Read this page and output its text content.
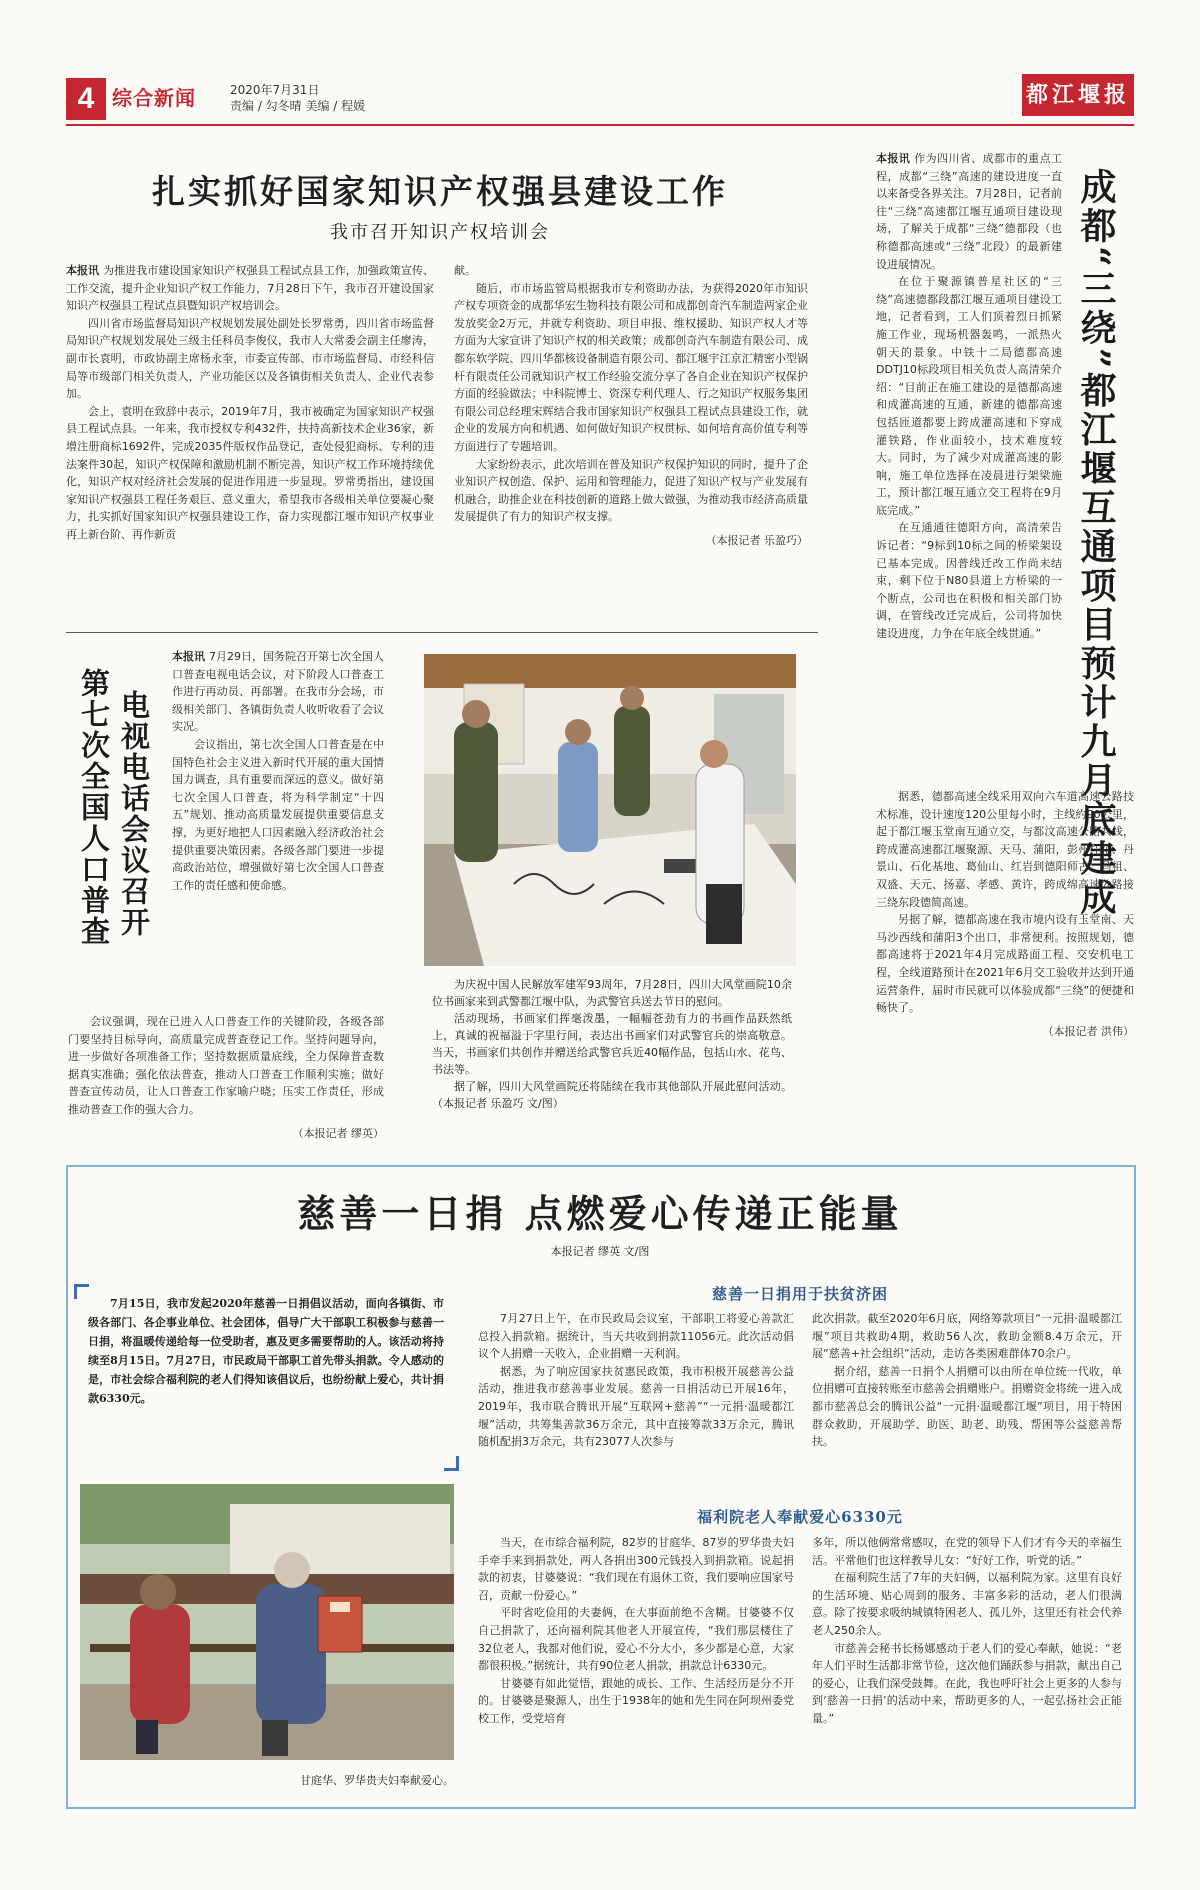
4 综合新闻	2020年7月31日
责编 / 勾冬晴 美编 / 程媛	都江堰报
扎实抓好国家知识产权强县建设工作
我市召开知识产权培训会

本报讯 为推进我市建设国家知识产权强县工程试点县工作，加强政策宣传、工作交流，提升企业知识产权工作能力，7月28日下午，我市召开建设国家知识产权强县工程试点县暨知识产权培训会。

四川省市场监督局知识产权规划发展处副处长罗常勇，四川省市场监督局知识产权规划发展处三级主任科员李俊仪，我市人大常委会副主任廖涛，副市长袁明，市政协副主席杨永奎，市委宣传部、市市场监督局、市经科信局等市级部门相关负责人，产业功能区以及各镇街相关负责人、企业代表参加。

会上，袁明在致辞中表示，2019年7月，我市被确定为国家知识产权强县工程试点县。一年来，我市授权专利432件，扶持高新技术企业36家，新增注册商标1692件，完成2035件版权作品登记，查处侵犯商标、专利的违法案件30起，知识产权保障和激励机制不断完善，知识产权工作环境持续优化，知识产权对经济社会发展的促进作用进一步显现。罗常勇指出，建设国家知识产权强县工程任务艰巨、意义重大，希望我市各级相关单位要凝心聚力，扎实抓好国家知识产权强县建设工作，奋力实现都江堰市知识产权事业再上新台阶、再作新贡

献。

随后，市市场监管局根据我市专利资助办法，为获得2020年市知识产权专项资金的成都华宏生物科技有限公司和成都创奇汽车制造两家企业发放奖金2万元，并就专利资助、项目申报、维权援助、知识产权人才等方面为大家宣讲了知识产权的相关政策；成都创奇汽车制造有限公司、成都东软学院、四川华都核设备制造有限公司、都江堰宇江京汇精密小型锅杆有限责任公司就知识产权工作经验交流分享了各自企业在知识产权保护方面的经验做法；中科院博士、资深专利代理人、行之知识产权服务集团有限公司总经理宋辉结合我市国家知识产权强县工程试点县建设工作，就企业的发展方向和机遇、如何做好知识产权贯标、如何培育高价值专利等方面进行了专题培训。

大家纷纷表示，此次培训在普及知识产权保护知识的同时，提升了企业知识产权创造、保护、运用和管理能力，促进了知识产权与产业发展有机融合，助推企业在科技创新的道路上做大做强，为推动我市经济高质量发展提供了有力的知识产权支撑。

（本报记者 乐盈巧）
电视电话会议召开
第七次全国人口普查

本报讯 7月29日，国务院召开第七次全国人口普查电视电话会议，对下阶段人口普查工作进行再动员、再部署。在我市分会场，市级相关部门、各镇街负责人收听收看了会议实况。

会议指出，第七次全国人口普查是在中国特色社会主义进入新时代开展的重大国情国力调查，具有重要而深远的意义。做好第七次全国人口普查，将为科学制定“十四五”规划、推动高质量发展提供重要信息支撑，为更好地把人口因素融入经济政治社会提供重要决策因素。各级各部门要进一步提高政治站位，增强做好第七次全国人口普查工作的责任感和使命感。

会议强调，现在已进入人口普查工作的关键阶段，各级各部门要坚持目标导向，高质量完成普查登记工作。坚持问题导向，进一步做好各项准备工作；坚持数据质量底线，全力保障普查数据真实准确；强化依法普查，推动人口普查工作顺利实施；做好普查宣传动员，让人口普查工作家喻户晓；压实工作责任，形成推动普查工作的强大合力。

（本报记者 缪英）

为庆祝中国人民解放军建军93周年，7月28日，四川大风堂画院10余位书画家来到武警都江堰中队，为武警官兵送去节日的慰问。

活动现场，书画家们挥毫泼墨，一幅幅苍劲有力的书画作品跃然纸上，真诚的祝福溢于字里行间，表达出书画家们对武警官兵的崇高敬意。当天，书画家们共创作并赠送给武警官兵近40幅作品，包括山水、花鸟、书法等。

据了解，四川大风堂画院还将陆续在我市其他部队开展此慰问活动。（本报记者 乐盈巧 文/图）

成都“三绕”都江堰互通项目预计九月底建成

本报讯 作为四川省、成都市的重点工程，成都“三绕”高速的建设进度一直以来备受各界关注。7月28日，记者前往“三绕”高速都江堰互通项目建设现场，了解关于成都“三绕”德都段（也称德都高速或“三绕”北段）的最新建设进展情况。

在位于聚源镇普星社区的“三绕”高速德都段都江堰互通项目建设工地，记者看到，工人们顶着烈日抓紧施工作业，现场机器轰鸣，一派热火朝天的景象。中铁十二局德都高速DDTJ10标段项目相关负责人高清荣介绍：“目前正在施工建设的是德都高速和成灌高速的互通，新建的德都高速包括匝道都要上跨成灌高速和下穿成灌铁路，作业面较小，技术难度较大。同时，为了减少对成灌高速的影响，施工单位选择在凌晨进行架梁施工，预计都江堰互通立交工程将在9月底完成。”

在互通通往德阳方向，高清荣告诉记者：“9标到10标之间的桥梁架设已基本完成。因普线迁改工作尚未结束，剩下位于N80县道上方桥梁的一个断点，公司也在积极和相关部门协调，在管线改迁完成后，公司将加快建设进度，力争在年底全线贯通。”

据悉，德都高速全线采用双向六车道高速公路技术标准，设计速度120公里每小时，主线約90公里，起于都江堰玉堂南互通立交，与都汶高速公路共线，跨成灌高速都江堰聚源、天马、蒲阳，彭州桂花、丹景山、石化基地、葛仙山、红岩到德阳师古、马祖、双盛、天元、扬嘉、孝感、黄许，跨成绵高速公路接三绕东段德简高速。

另据了解，德都高速在我市境内设有玉堂南、天马沙西线和蒲阳3个出口，非常便利。按照规划，德都高速将于2021年4月完成路面工程、交安机电工程，全线道路预计在2021年6月交工验收并达到开通运营条件，届时市民就可以体验成都“三绕”的便捷和畅快了。

（本报记者 洪伟）
慈善一日捐 点燃爱心传递正能量
本报记者 缪英 文/图
7月15日，我市发起2020年慈善一日捐倡议活动，面向各镇街、市级各部门、各企事业单位、社会团体，倡导广大干部职工积极参与慈善一日捐，将温暖传递给每一位受助者，惠及更多需要帮助的人。该活动将持续至8月15日。7月27日，市民政局干部职工首先带头捐款。令人感动的是，市社会综合福利院的老人们得知该倡议后，也纷纷献上爱心，共计捐款6330元。
甘庭华、罗华贵夫妇奉献爱心。
慈善一日捐用于扶贫济困

7月27日上午，在市民政局会议室，干部职工将爱心善款汇总投入捐款箱。据统计，当天共收到捐款11056元。此次活动倡议个人捐赠一天收入，企业捐赠一天利润。

据悉，为了响应国家扶贫惠民政策，我市积极开展慈善公益活动，推进我市慈善事业发展。慈善一日捐活动已开展16年，2019年，我市联合腾讯开展“互联网+慈善”“一元捐·温暖都江堰”活动，共筹集善款36万余元，其中直接筹款33万余元，腾讯随机配捐3万余元，共有23077人次参与

此次捐款。截至2020年6月底，网络筹款项目“一元捐·温暖都江堰”项目共救助4期，救助56人次，救助金额8.4万余元，开展“慈善+社会组织”活动，走访各类困难群体70余户。

据介绍，慈善一日捐个人捐赠可以由所在单位统一代收，单位捐赠可直接转账至市慈善会捐赠账户。捐赠资金将统一进入成都市慈善总会的腾讯公益“一元捐·温暖都江堰”项目，用于特困群众救助，开展助学、助医、助老、助残、帮困等公益慈善帮扶。

福利院老人奉献爱心6330元

当天，在市综合福利院，82岁的甘庭华、87岁的罗华贵夫妇手牵手来到捐款处，两人各捐出300元钱投入到捐款箱。说起捐款的初衷，甘婆婆说：“我们现在有退休工资，我们要响应国家号召，贡献一份爱心。”

平时省吃俭用的夫妻俩，在大事面前绝不含糊。甘婆婆不仅自己捐款了，还向福利院其他老人开展宣传，“我们那层楼住了32位老人，我都对他们说，爱心不分大小，多少都是心意，大家都很积极。”据统计，共有90位老人捐款，捐款总计6330元。

甘婆婆有如此觉悟，跟她的成长、工作、生活经历是分不开的。甘婆婆是聚源人，出生于1938年的她和先生同在阿坝州委党校工作，受党培育

多年，所以他俩常常感叹，在党的领导下人们才有今天的幸福生活。平常他们也这样教导儿女：“好好工作，听党的话。”

在福利院生活了7年的夫妇俩，以福利院为家。这里有良好的生活环境、贴心周到的服务、丰富多彩的活动，老人们很满意。除了按要求吸纳城镇特困老人、孤儿外，这里还有社会代养老人250余人。

市慈善会秘书长杨娜感动于老人们的爱心奉献，她说：“老年人们平时生活都非常节俭，这次他们踊跃参与捐款，献出自己的爱心，让我们深受鼓舞。在此，我也呼吁社会上更多的人参与到‘慈善一日捐’的活动中来，帮助更多的人，一起弘扬社会正能量。”
